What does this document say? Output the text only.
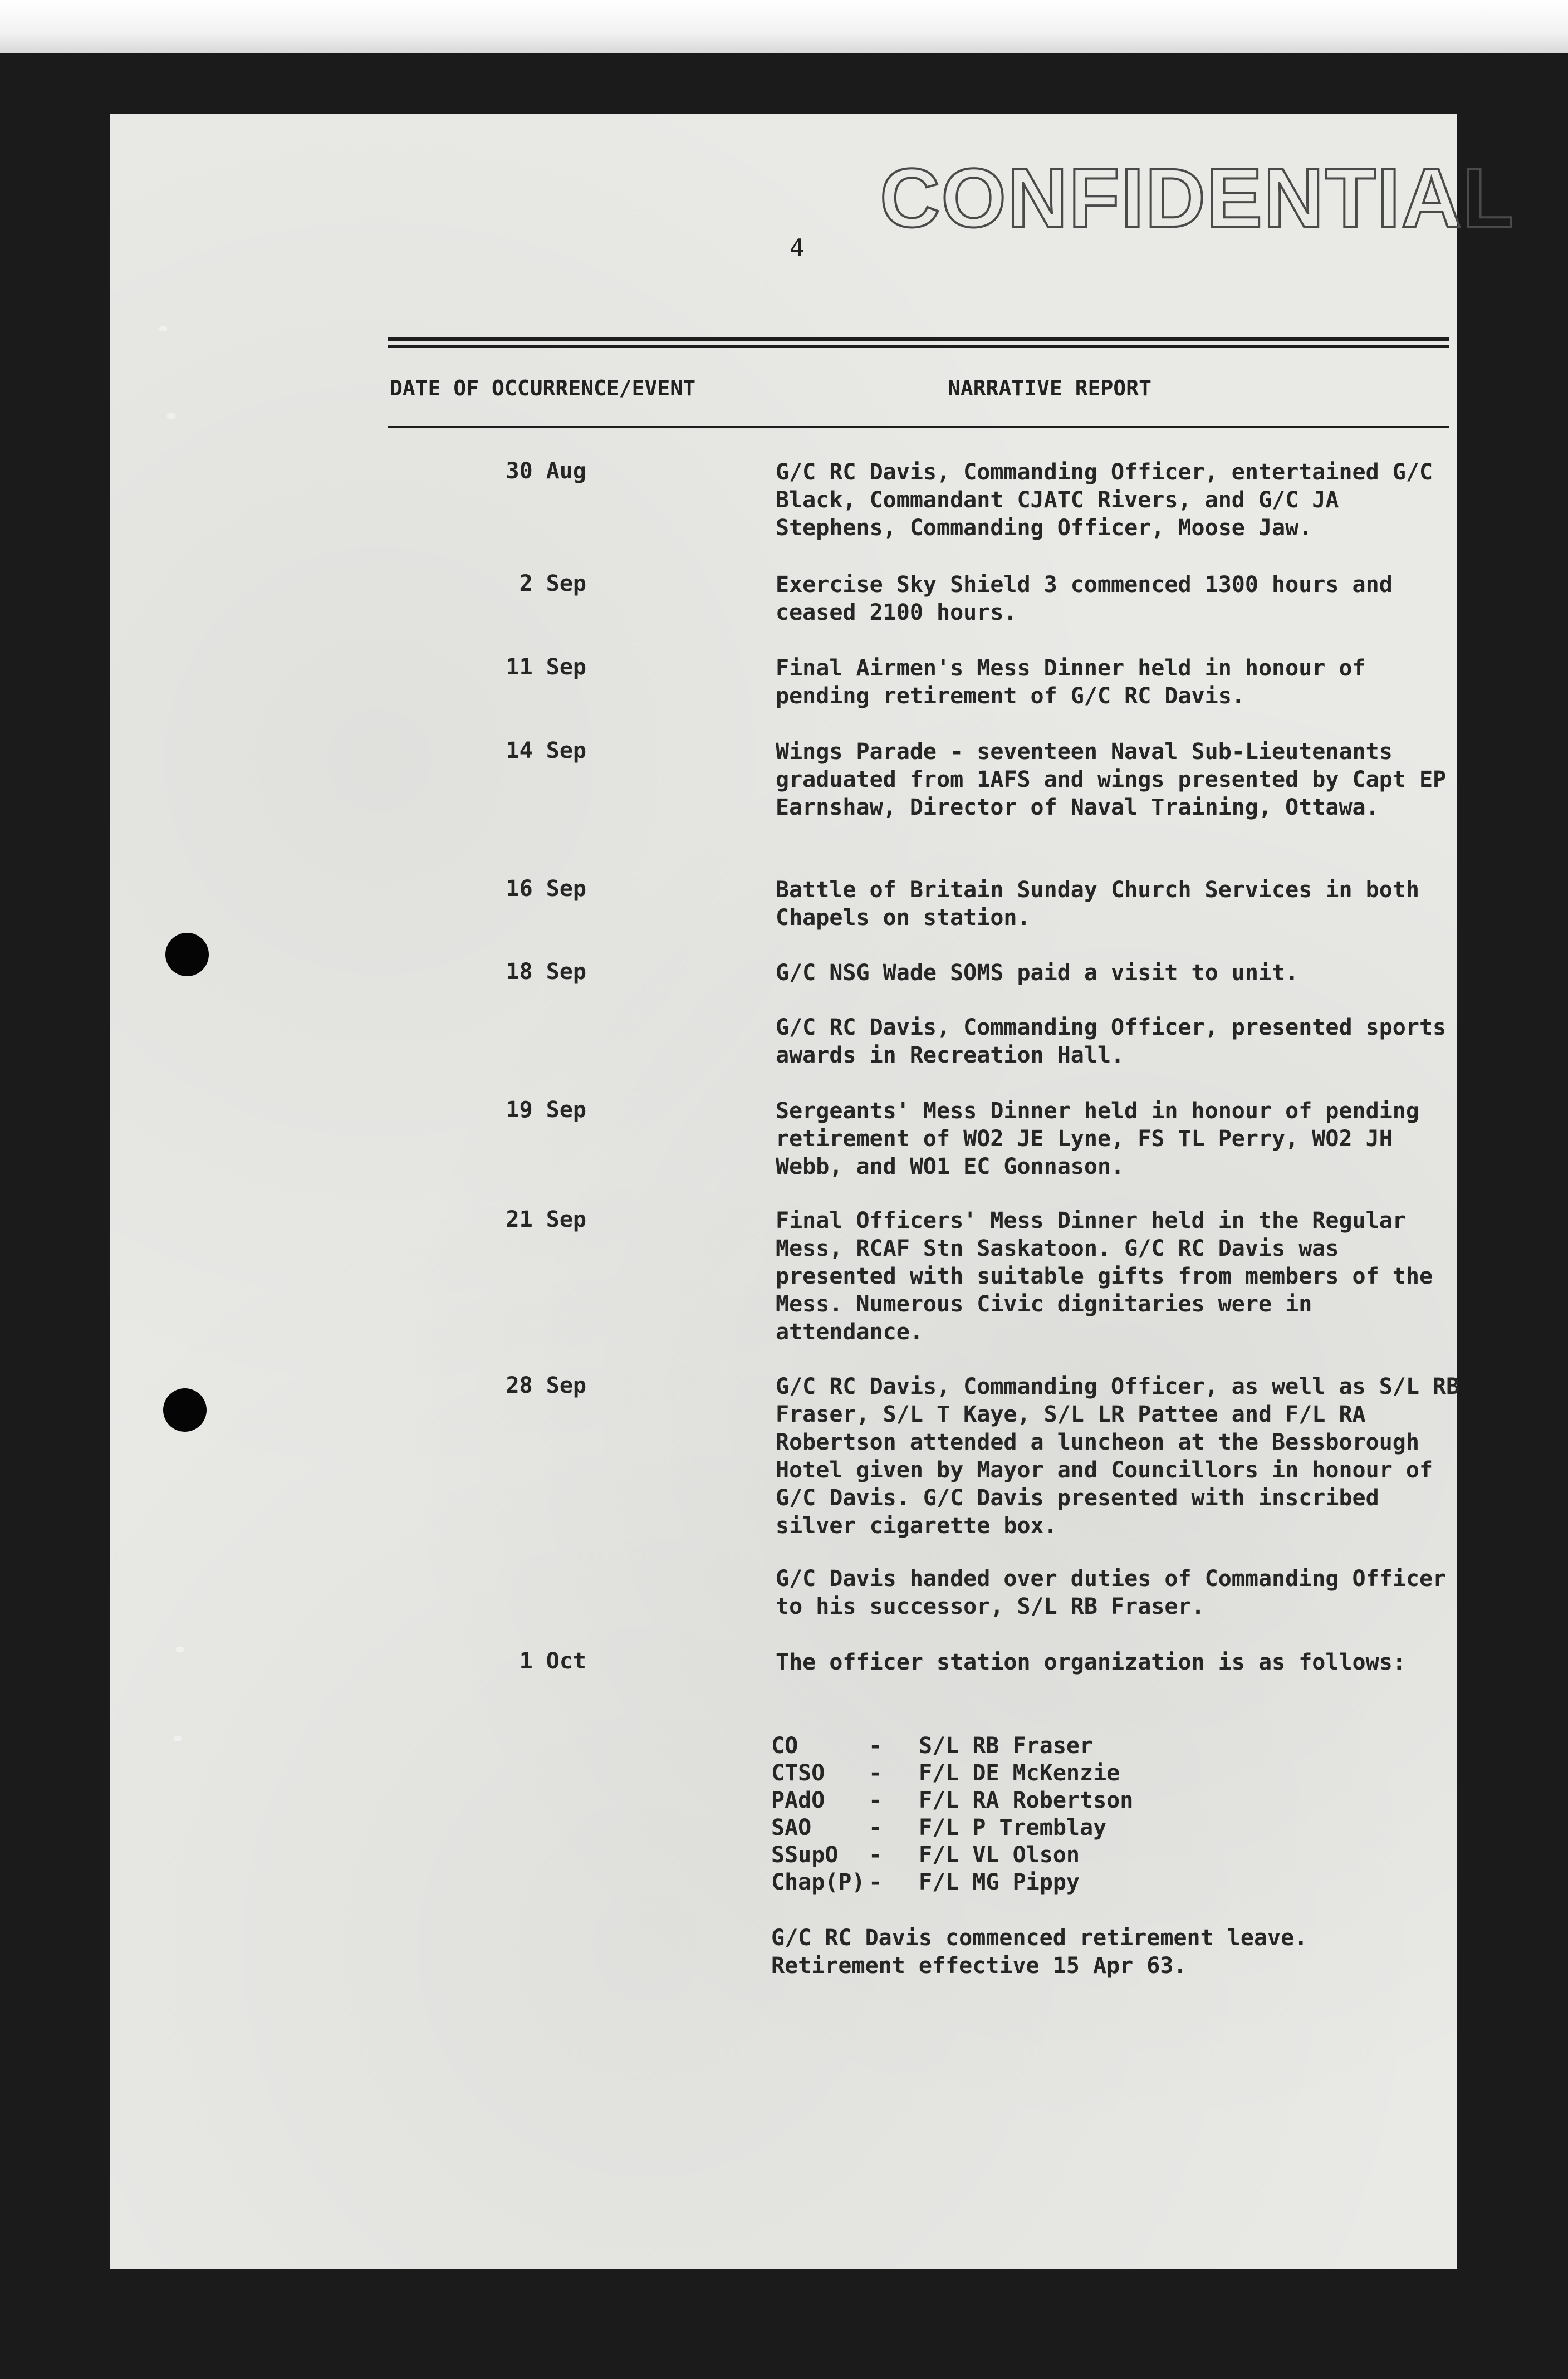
CONFIDENTIAL
4
DATE OF OCCURRENCE/EVENT	NARRATIVE REPORT
30 Aug	G/C RC Davis, Commanding Officer, entertained G/C Black, Commandant CJATC Rivers, and G/C JA Stephens, Commanding Officer, Moose Jaw.
2 Sep	Exercise Sky Shield 3 commenced 1300 hours and ceased 2100 hours.
11 Sep	Final Airmen's Mess Dinner held in honour of pending retirement of G/C RC Davis.
14 Sep	Wings Parade - seventeen Naval Sub-Lieutenants graduated from 1AFS and wings presented by Capt EP Earnshaw, Director of Naval Training, Ottawa.
16 Sep	Battle of Britain Sunday Church Services in both Chapels on station.
18 Sep	G/C NSG Wade SOMS paid a visit to unit.
G/C RC Davis, Commanding Officer, presented sports awards in Recreation Hall.
19 Sep	Sergeants' Mess Dinner held in honour of pending retirement of WO2 JE Lyne, FS TL Perry, WO2 JH Webb, and WO1 EC Gonnason.
21 Sep	Final Officers' Mess Dinner held in the Regular Mess, RCAF Stn Saskatoon. G/C RC Davis was presented with suitable gifts from members of the Mess. Numerous Civic dignitaries were in attendance.
28 Sep	G/C RC Davis, Commanding Officer, as well as S/L RB Fraser, S/L T Kaye, S/L LR Pattee and F/L RA Robertson attended a luncheon at the Bessborough Hotel given by Mayor and Councillors in honour of G/C Davis. G/C Davis presented with inscribed silver cigarette box.
G/C Davis handed over duties of Commanding Officer to his successor, S/L RB Fraser.
1 Oct	The officer station organization is as follows:
CO	-	S/L RB Fraser
CTSO	-	F/L DE McKenzie
PAdO	-	F/L RA Robertson
SAO	-	F/L P Tremblay
SSupO	-	F/L VL Olson
Chap(P)	-	F/L MG Pippy
G/C RC Davis commenced retirement leave. Retirement effective 15 Apr 63.
